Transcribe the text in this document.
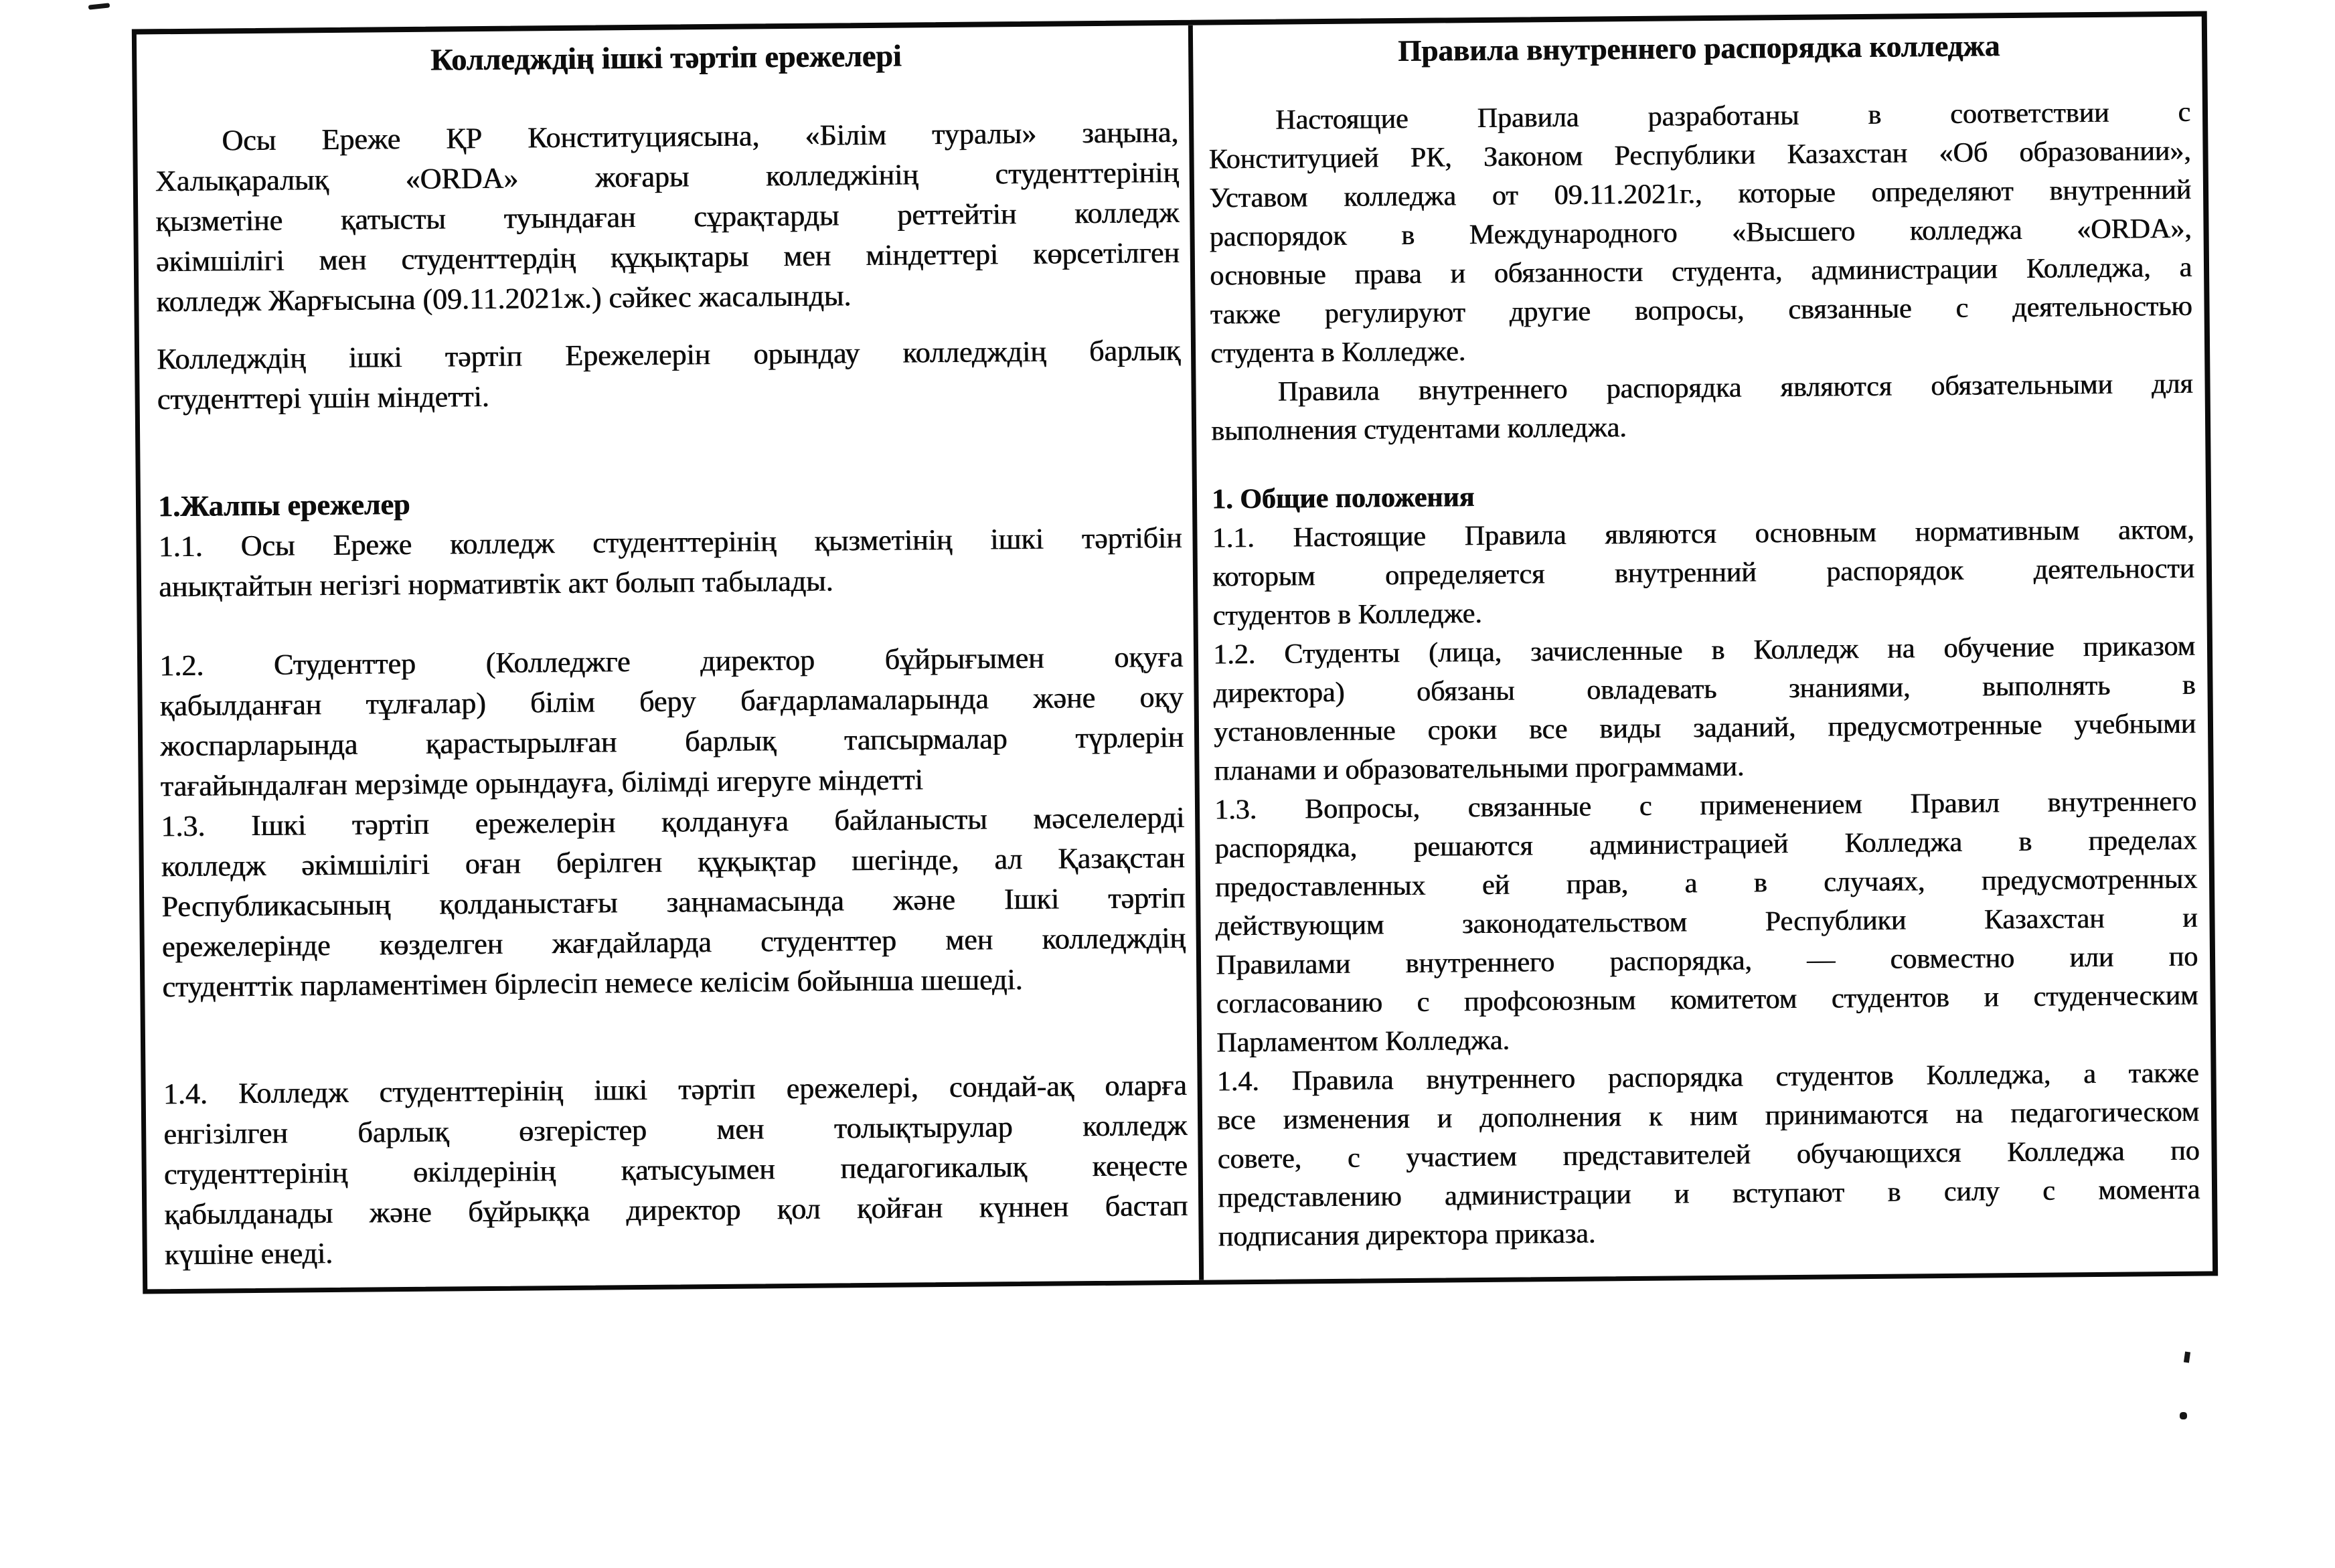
Колледждің ішкі тәртіп ережелері
Осы Ереже ҚР Конституциясына, «Білім туралы» заңына,
Халықаралық «ORDA» жоғары колледжінің студенттерінің
қызметіне қатысты туындаған сұрақтарды реттейтін колледж
әкімшілігі мен студенттердің құқықтары мен міндеттері көрсетілген
колледж Жарғысына (09.11.2021ж.) сәйкес жасалынды.
Колледждің ішкі тәртіп Ережелерін орындау колледждің барлық
студенттері үшін міндетті.
1.Жалпы ережелер
1.1. Осы Ереже колледж студенттерінің қызметінің ішкі тәртібін
анықтайтын негізгі нормативтік акт болып табылады.
1.2. Студенттер (Колледжге директор бұйрығымен оқуға
қабылданған тұлғалар) білім беру бағдарламаларында және оқу
жоспарларында қарастырылған барлық тапсырмалар түрлерін
тағайындалған мерзімде орындауға, білімді игеруге міндетті
1.3. Ішкі тәртіп ережелерін қолдануға байланысты мәселелерді
колледж әкімшілігі оған берілген құқықтар шегінде, ал Қазақстан
Республикасының қолданыстағы заңнамасында және Ішкі тәртіп
ережелерінде көзделген жағдайларда студенттер мен колледждің
студенттік парламентімен бірлесіп немесе келісім бойынша шешеді.
1.4. Колледж студенттерінің ішкі тәртіп ережелері, сондай-ақ оларға
енгізілген барлық өзгерістер мен толықтырулар колледж
студенттерінің өкілдерінің қатысуымен педагогикалық кеңесте
қабылданады және бұйрыққа директор қол қойған күннен бастап
күшіне енеді.
Правила внутреннего распорядка колледжа
Настоящие Правила разработаны в соответствии с
Конституцией РК, Законом Республики Казахстан «Об образовании»,
Уставом колледжа от 09.11.2021г., которые определяют внутренний
распорядок в Международного «Высшего колледжа «ORDA»,
основные права и обязанности студента, администрации Колледжа, а
также регулируют другие вопросы, связанные с деятельностью
студента в Колледже.
Правила внутреннего распорядка являются обязательными для
выполнения студентами колледжа.
1. Общие положения
1.1. Настоящие Правила являются основным нормативным актом,
которым определяется внутренний распорядок деятельности
студентов в Колледже.
1.2. Студенты (лица, зачисленные в Колледж на обучение приказом
директора) обязаны овладевать знаниями, выполнять в
установленные сроки все виды заданий, предусмотренные учебными
планами и образовательными программами.
1.3. Вопросы, связанные с применением Правил внутреннего
распорядка, решаются администрацией Колледжа в пределах
предоставленных ей прав, а в случаях, предусмотренных
действующим законодательством Республики Казахстан и
Правилами внутреннего распорядка, — совместно или по
согласованию с профсоюзным комитетом студентов и студенческим
Парламентом Колледжа.
1.4. Правила внутреннего распорядка студентов Колледжа, а также
все изменения и дополнения к ним принимаются на педагогическом
совете, с участием представителей обучающихся Колледжа по
представлению администрации и вступают в силу с момента
подписания директора приказа.
